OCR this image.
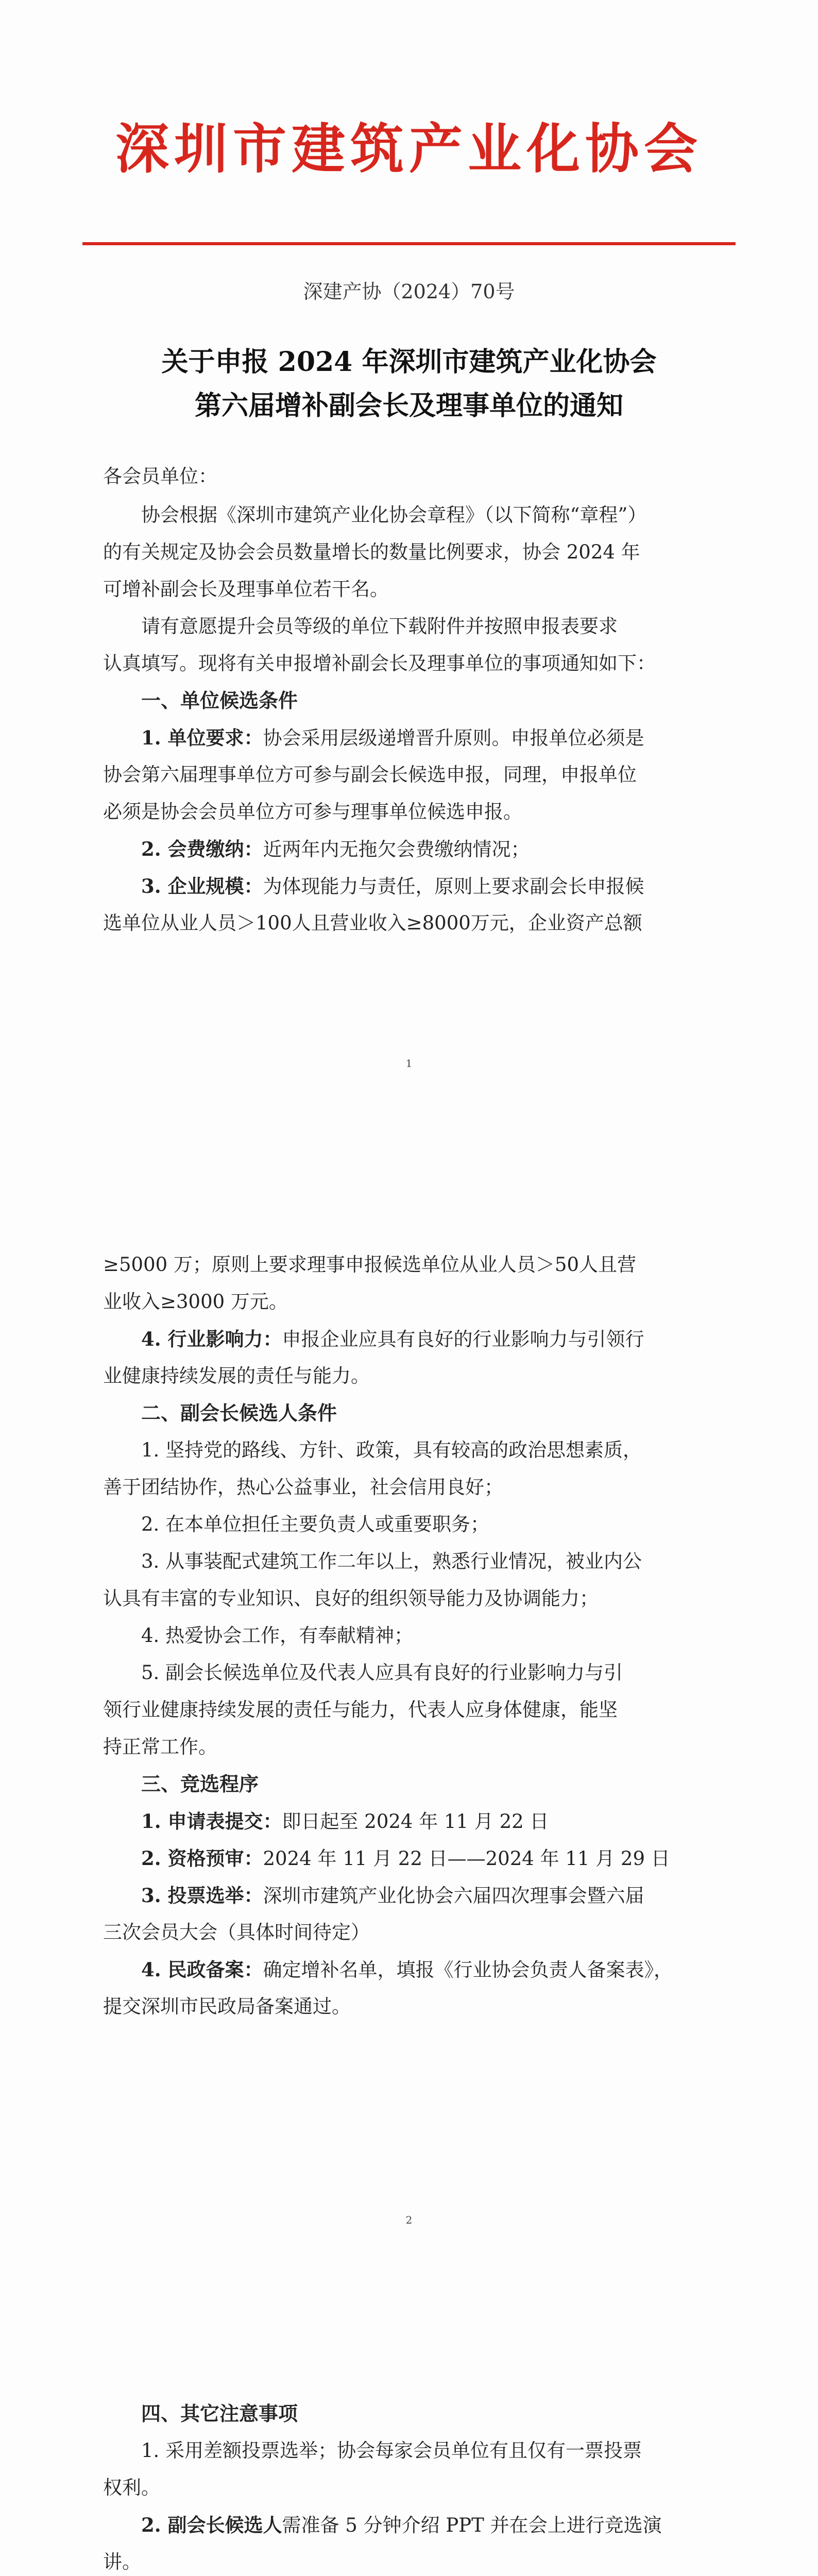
深圳市建筑产业化协会
深建产协（2024）70号
关于申报 2024 年深圳市建筑产业化协会
第六届增补副会长及理事单位的通知
各会员单位：
协会根据《深圳市建筑产业化协会章程》（以下简称“章程”）
的有关规定及协会会员数量增长的数量比例要求，协会 2024 年
可增补副会长及理事单位若干名。
请有意愿提升会员等级的单位下载附件并按照申报表要求
认真填写。现将有关申报增补副会长及理事单位的事项通知如下：
一、单位候选条件
1. 单位要求：协会采用层级递增晋升原则。申报单位必须是
协会第六届理事单位方可参与副会长候选申报，同理，申报单位
必须是协会会员单位方可参与理事单位候选申报。
2. 会费缴纳：近两年内无拖欠会费缴纳情况；
3. 企业规模：为体现能力与责任，原则上要求副会长申报候
选单位从业人员＞100人且营业收入≥8000万元，企业资产总额
1
≥5000 万；原则上要求理事申报候选单位从业人员＞50人且营
业收入≥3000 万元。
4. 行业影响力：申报企业应具有良好的行业影响力与引领行
业健康持续发展的责任与能力。
二、副会长候选人条件
1. 坚持党的路线、方针、政策，具有较高的政治思想素质，
善于团结协作，热心公益事业，社会信用良好；
2. 在本单位担任主要负责人或重要职务；
3. 从事装配式建筑工作二年以上，熟悉行业情况，被业内公
认具有丰富的专业知识、良好的组织领导能力及协调能力；
4. 热爱协会工作，有奉献精神；
5. 副会长候选单位及代表人应具有良好的行业影响力与引
领行业健康持续发展的责任与能力，代表人应身体健康，能坚
持正常工作。
三、竞选程序
1. 申请表提交：即日起至 2024 年 11 月 22 日
2. 资格预审：2024 年 11 月 22 日——2024 年 11 月 29 日
3. 投票选举：深圳市建筑产业化协会六届四次理事会暨六届
三次会员大会（具体时间待定）
4. 民政备案：确定增补名单，填报《行业协会负责人备案表》，
提交深圳市民政局备案通过。
2
四、其它注意事项
1. 采用差额投票选举；协会每家会员单位有且仅有一票投票
权利。
2. 副会长候选人需准备 5 分钟介绍 PPT 并在会上进行竞选演
讲。
